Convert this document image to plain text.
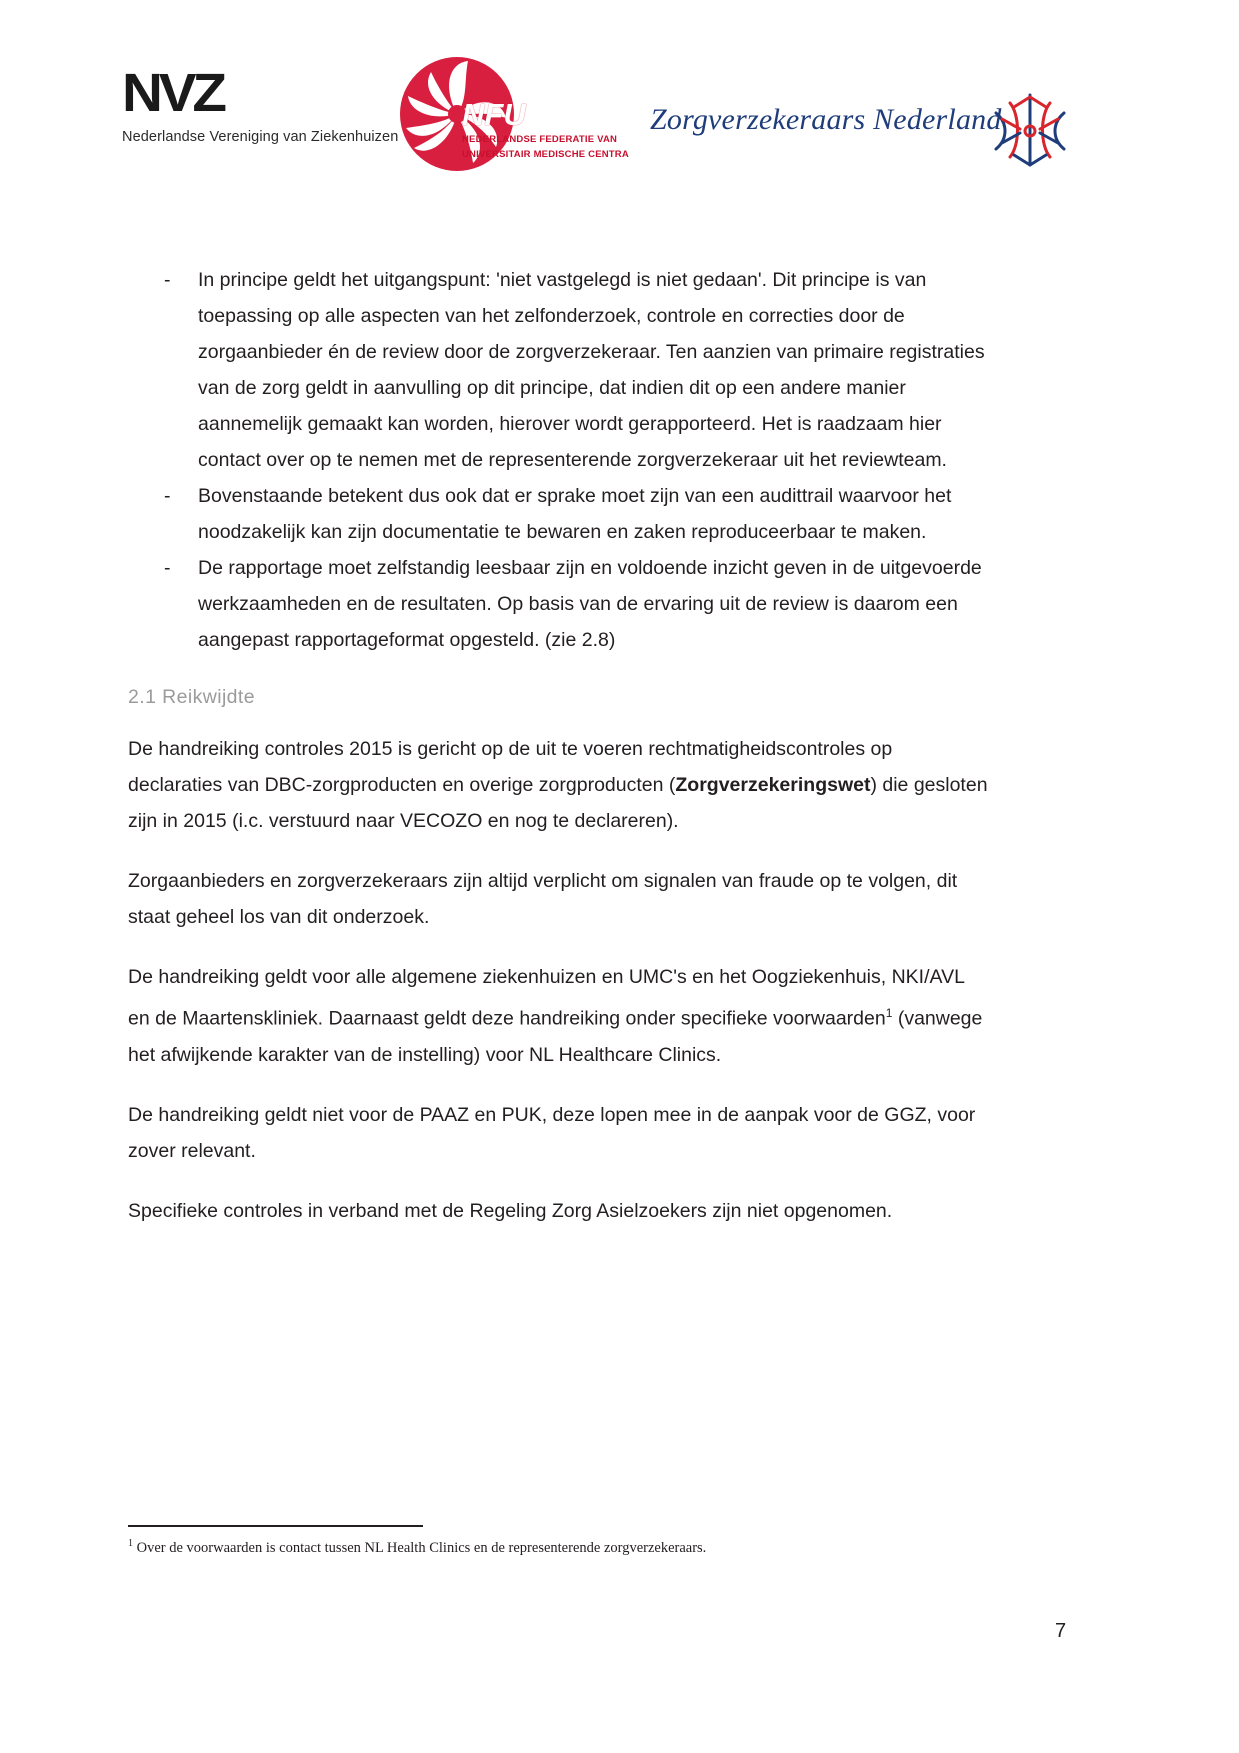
NVZ
Nederlandse Vereniging van Ziekenhuizen
NFU
NEDERLANDSE FEDERATIE VAN
UNIVERSITAIR MEDISCHE CENTRA
Zorgverzekeraars Nederland
- In principe geldt het uitgangspunt: 'niet vastgelegd is niet gedaan'. Dit principe is van toepassing op alle aspecten van het zelfonderzoek, controle en correcties door de zorgaanbieder én de review door de zorgverzekeraar. Ten aanzien van primaire registraties van de zorg geldt in aanvulling op dit principe, dat indien dit op een andere manier aannemelijk gemaakt kan worden, hierover wordt gerapporteerd. Het is raadzaam hier contact over op te nemen met de representerende zorgverzekeraar uit het reviewteam.
- Bovenstaande betekent dus ook dat er sprake moet zijn van een audittrail waarvoor het noodzakelijk kan zijn documentatie te bewaren en zaken reproduceerbaar te maken.
- De rapportage moet zelfstandig leesbaar zijn en voldoende inzicht geven in de uitgevoerde werkzaamheden en de resultaten. Op basis van de ervaring uit de review is daarom een aangepast rapportageformat opgesteld. (zie 2.8)
2.1 Reikwijdte

De handreiking controles 2015 is gericht op de uit te voeren rechtmatigheidscontroles op declaraties van DBC-zorgproducten en overige zorgproducten (Zorgverzekeringswet) die gesloten zijn in 2015 (i.c. verstuurd naar VECOZO en nog te declareren).

Zorgaanbieders en zorgverzekeraars zijn altijd verplicht om signalen van fraude op te volgen, dit staat geheel los van dit onderzoek.

De handreiking geldt voor alle algemene ziekenhuizen en UMC's en het Oogziekenhuis, NKI/AVL en de Maartenskliniek. Daarnaast geldt deze handreiking onder specifieke voorwaarden$^1$ (vanwege het afwijkende karakter van de instelling) voor NL Healthcare Clinics.

De handreiking geldt niet voor de PAAZ en PUK, deze lopen mee in de aanpak voor de GGZ, voor zover relevant.

Specifieke controles in verband met de Regeling Zorg Asielzoekers zijn niet opgenomen.

$^1$ Over de voorwaarden is contact tussen NL Health Clinics en de representerende zorgverzekeraars.
7
